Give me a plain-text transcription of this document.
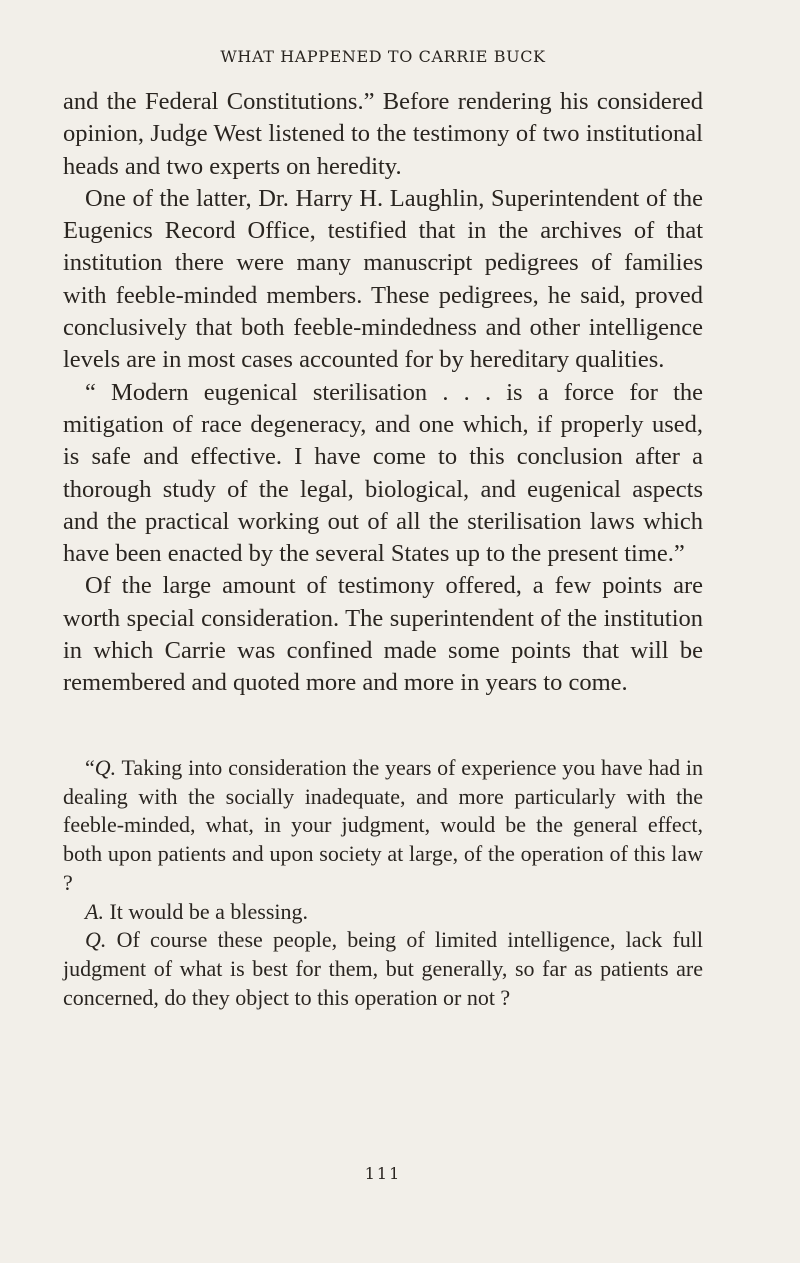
WHAT HAPPENED TO CARRIE BUCK

and the Federal Constitutions.” Before rendering his considered opinion, Judge West listened to the testimony of two institutional heads and two experts on heredity.

One of the latter, Dr. Harry H. Laughlin, Superintendent of the Eugenics Record Office, testified that in the archives of that institution there were many manuscript pedigrees of families with feeble-minded members. These pedigrees, he said, proved conclusively that both feeble-mindedness and other intelligence levels are in most cases accounted for by hereditary qualities.

“ Modern eugenical sterilisation . . . is a force for the mitigation of race degeneracy, and one which, if properly used, is safe and effective. I have come to this conclusion after a thorough study of the legal, biological, and eugenical aspects and the practical working out of all the sterilisation laws which have been enacted by the several States up to the present time.”

Of the large amount of testimony offered, a few points are worth special consideration. The superintendent of the institution in which Carrie was confined made some points that will be remembered and quoted more and more in years to come.

“Q. Taking into consideration the years of experience you have had in dealing with the socially inadequate, and more particularly with the feeble-minded, what, in your judgment, would be the general effect, both upon patients and upon society at large, of the operation of this law ?

A. It would be a blessing.

Q. Of course these people, being of limited intelligence, lack full judgment of what is best for them, but generally, so far as patients are concerned, do they object to this operation or not ?

111
